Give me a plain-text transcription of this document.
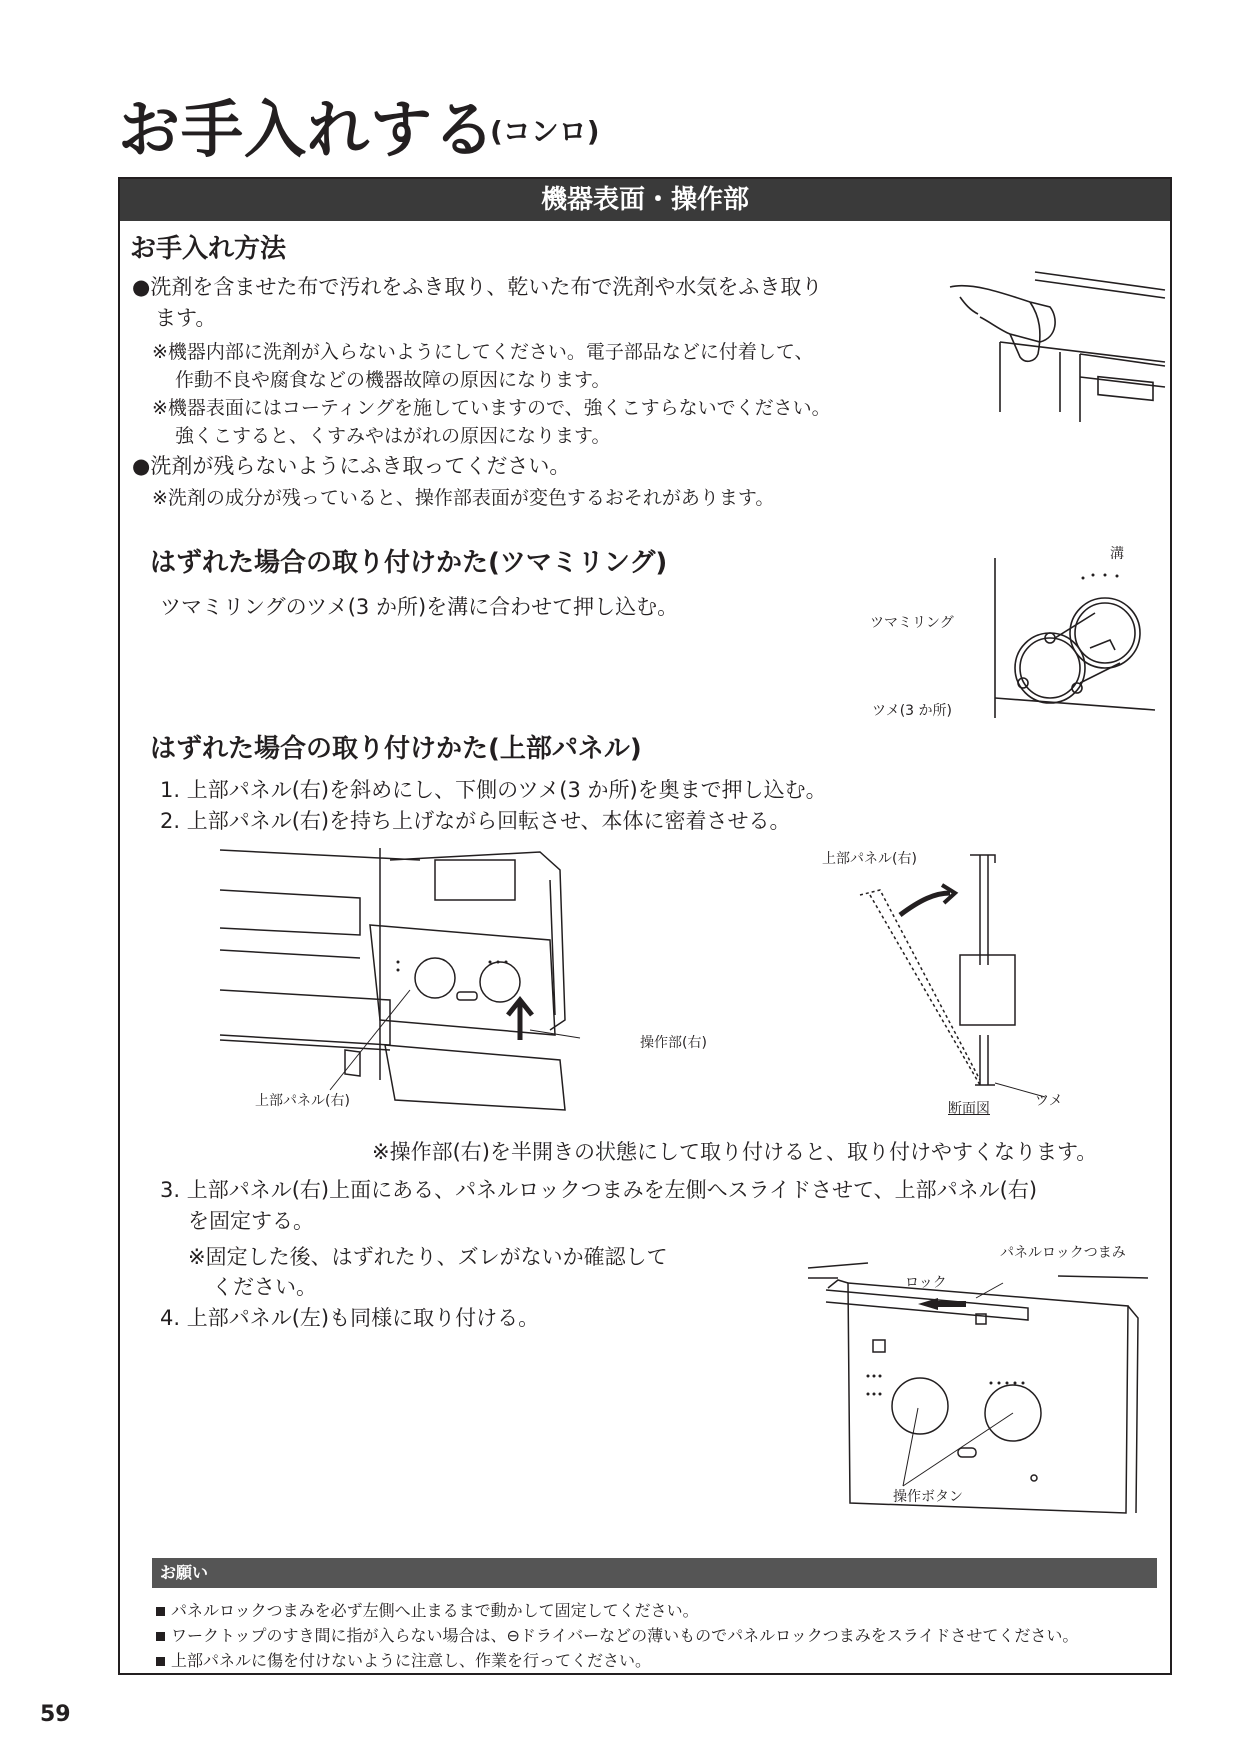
お手入れする
(コンロ)
機器表面・操作部
お手入れ方法
●洗剤を含ませた布で汚れをふき取り、乾いた布で洗剤や水気をふき取り
ます。
※機器内部に洗剤が入らないようにしてください。電子部品などに付着して、
作動不良や腐食などの機器故障の原因になります。
※機器表面にはコーティングを施していますので、強くこすらないでください。
強くこすると、くすみやはがれの原因になります。
●洗剤が残らないようにふき取ってください。
※洗剤の成分が残っていると、操作部表面が変色するおそれがあります。
はずれた場合の取り付けかた(ツマミリング)
ツマミリングのツメ(3 か所)を溝に合わせて押し込む。
溝
ツマミリング
ツメ(3 か所)
はずれた場合の取り付けかた(上部パネル)
1. 上部パネル(右)を斜めにし、下側のツメ(3 か所)を奥まで押し込む。
2. 上部パネル(右)を持ち上げながら回転させ、本体に密着させる。
操作部(右)
上部パネル(右)
上部パネル(右)
ツメ
断面図
※操作部(右)を半開きの状態にして取り付けると、取り付けやすくなります。
3. 上部パネル(右)上面にある、パネルロックつまみを左側へスライドさせて、上部パネル(右)
を固定する。
※固定した後、はずれたり、ズレがないか確認して
ください。
4. 上部パネル(左)も同様に取り付ける。
ロック
パネルロックつまみ
操作ボタン
お願い
パネルロックつまみを必ず左側へ止まるまで動かして固定してください。
ワークトップのすき間に指が入らない場合は、⊖ドライバーなどの薄いものでパネルロックつまみをスライドさせてください。
上部パネルに傷を付けないように注意し、作業を行ってください。
59
